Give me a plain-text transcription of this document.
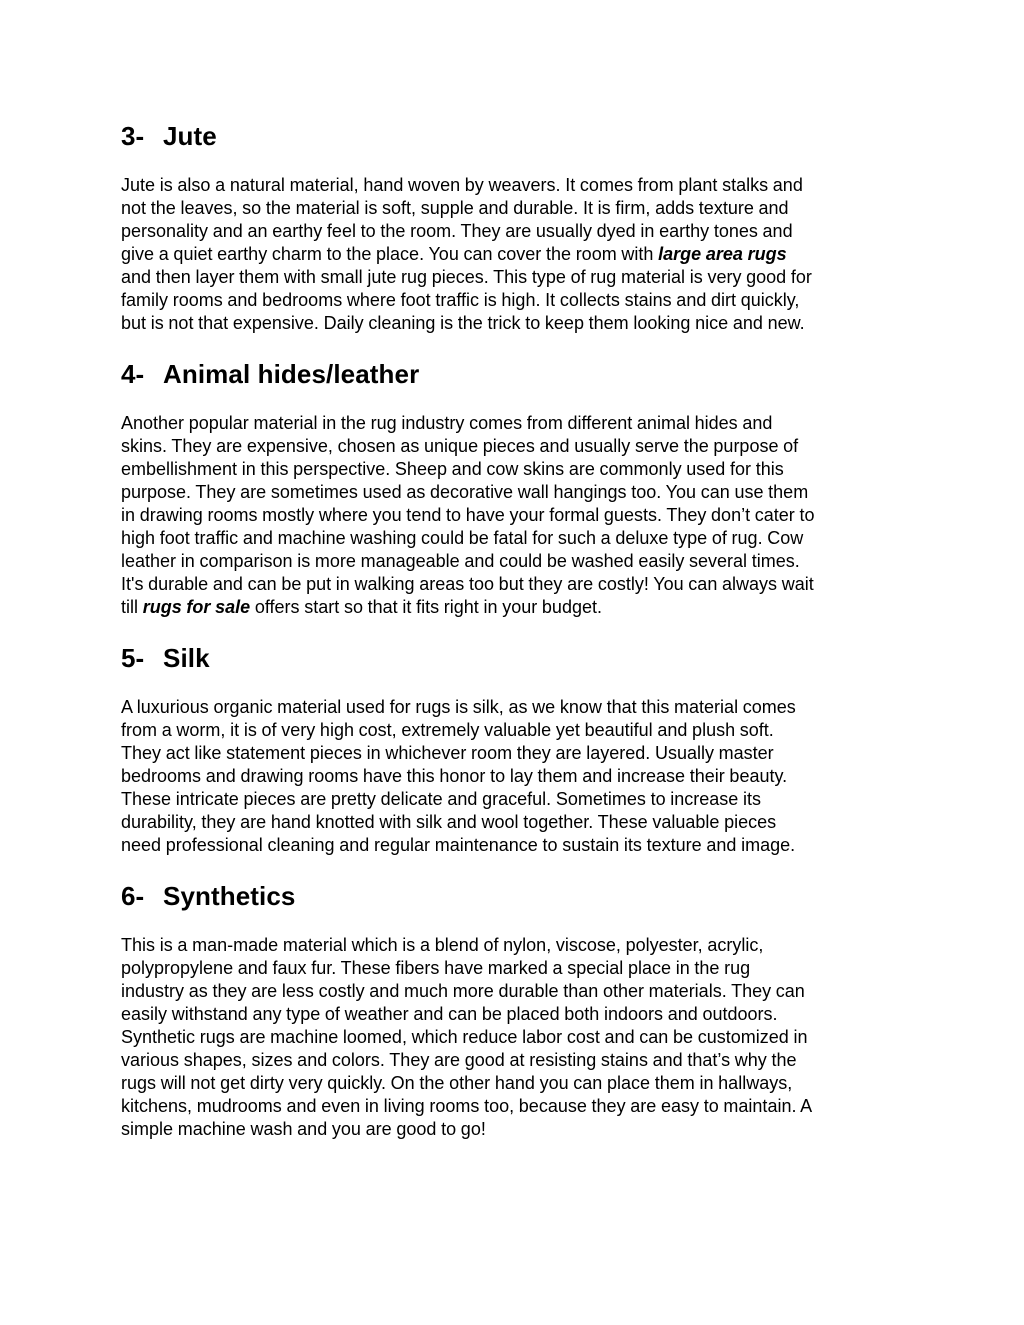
3- Jute

Jute is also a natural material, hand woven by weavers. It comes from plant stalks and
not the leaves, so the material is soft, supple and durable. It is firm, adds texture and
personality and an earthy feel to the room. They are usually dyed in earthy tones and
give a quiet earthy charm to the place. You can cover the room with large area rugs
and then layer them with small jute rug pieces. This type of rug material is very good for
family rooms and bedrooms where foot traffic is high. It collects stains and dirt quickly,
but is not that expensive. Daily cleaning is the trick to keep them looking nice and new.

4- Animal hides/leather

Another popular material in the rug industry comes from different animal hides and
skins. They are expensive, chosen as unique pieces and usually serve the purpose of
embellishment in this perspective. Sheep and cow skins are commonly used for this
purpose. They are sometimes used as decorative wall hangings too. You can use them
in drawing rooms mostly where you tend to have your formal guests. They don’t cater to
high foot traffic and machine washing could be fatal for such a deluxe type of rug. Cow
leather in comparison is more manageable and could be washed easily several times.
It's durable and can be put in walking areas too but they are costly! You can always wait
till rugs for sale offers start so that it fits right in your budget.

5- Silk

A luxurious organic material used for rugs is silk, as we know that this material comes
from a worm, it is of very high cost, extremely valuable yet beautiful and plush soft.
They act like statement pieces in whichever room they are layered. Usually master
bedrooms and drawing rooms have this honor to lay them and increase their beauty.
These intricate pieces are pretty delicate and graceful. Sometimes to increase its
durability, they are hand knotted with silk and wool together. These valuable pieces
need professional cleaning and regular maintenance to sustain its texture and image.

6- Synthetics

This is a man-made material which is a blend of nylon, viscose, polyester, acrylic,
polypropylene and faux fur. These fibers have marked a special place in the rug
industry as they are less costly and much more durable than other materials. They can
easily withstand any type of weather and can be placed both indoors and outdoors.
Synthetic rugs are machine loomed, which reduce labor cost and can be customized in
various shapes, sizes and colors. They are good at resisting stains and that’s why the
rugs will not get dirty very quickly. On the other hand you can place them in hallways,
kitchens, mudrooms and even in living rooms too, because they are easy to maintain. A
simple machine wash and you are good to go!
